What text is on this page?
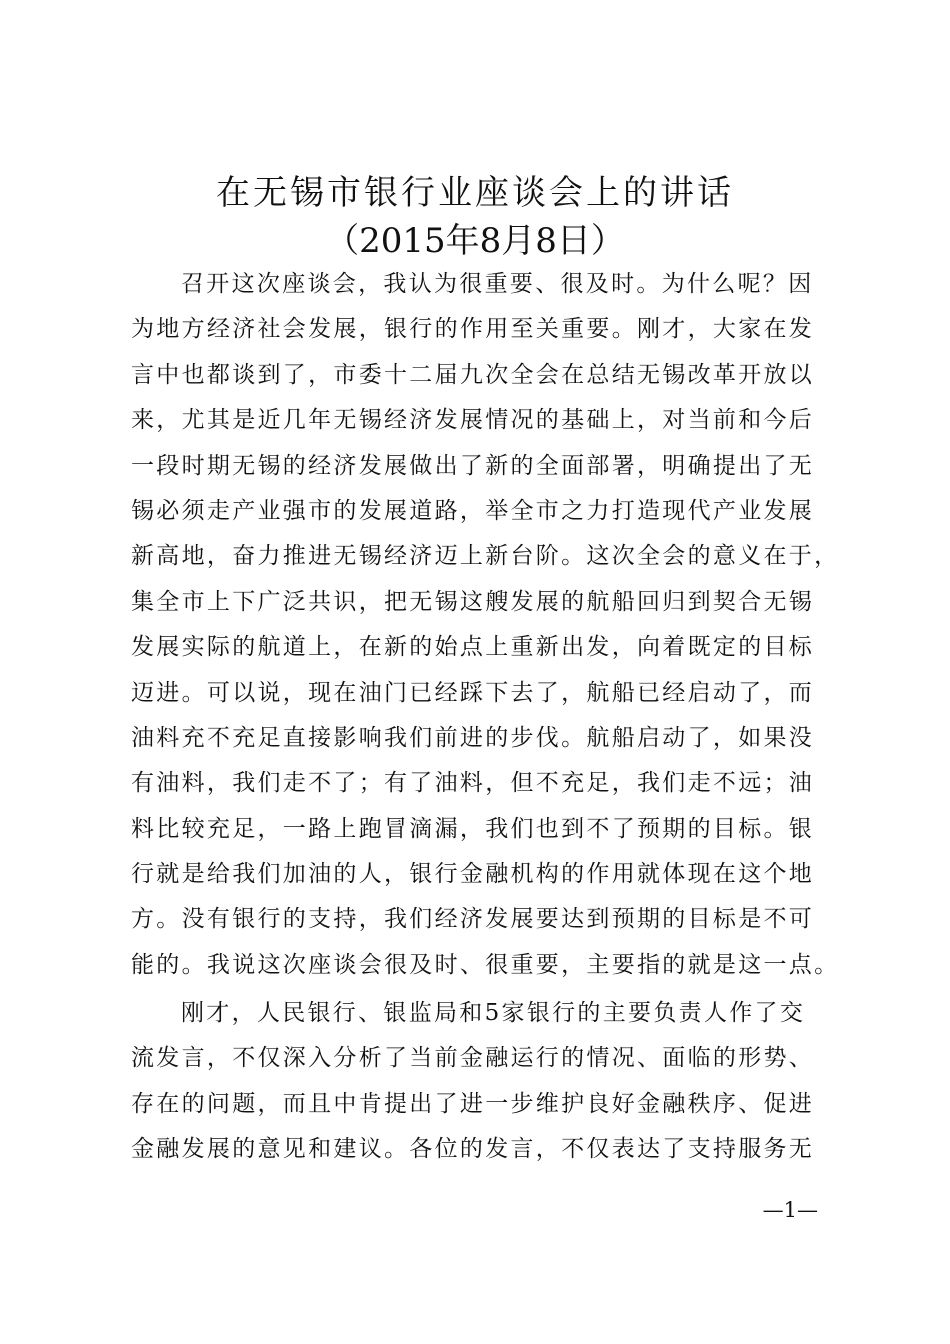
在无锡市银行业座谈会上的讲话
（2015年8月8日）
召开这次座谈会，我认为很重要、很及时。为什么呢？因
为地方经济社会发展，银行的作用至关重要。刚才，大家在发
言中也都谈到了，市委十二届九次全会在总结无锡改革开放以
来，尤其是近几年无锡经济发展情况的基础上，对当前和今后
一段时期无锡的经济发展做出了新的全面部署，明确提出了无
锡必须走产业强市的发展道路，举全市之力打造现代产业发展
新高地，奋力推进无锡经济迈上新台阶。这次全会的意义在于，
集全市上下广泛共识，把无锡这艘发展的航船回归到契合无锡
发展实际的航道上，在新的始点上重新出发，向着既定的目标
迈进。可以说，现在油门已经踩下去了，航船已经启动了，而
油料充不充足直接影响我们前进的步伐。航船启动了，如果没
有油料，我们走不了；有了油料，但不充足，我们走不远；油
料比较充足，一路上跑冒滴漏，我们也到不了预期的目标。银
行就是给我们加油的人，银行金融机构的作用就体现在这个地
方。没有银行的支持，我们经济发展要达到预期的目标是不可
能的。我说这次座谈会很及时、很重要，主要指的就是这一点。
刚才，人民银行、银监局和5家银行的主要负责人作了交
流发言，不仅深入分析了当前金融运行的情况、面临的形势、
存在的问题，而且中肯提出了进一步维护良好金融秩序、促进
金融发展的意见和建议。各位的发言，不仅表达了支持服务无
—1—
